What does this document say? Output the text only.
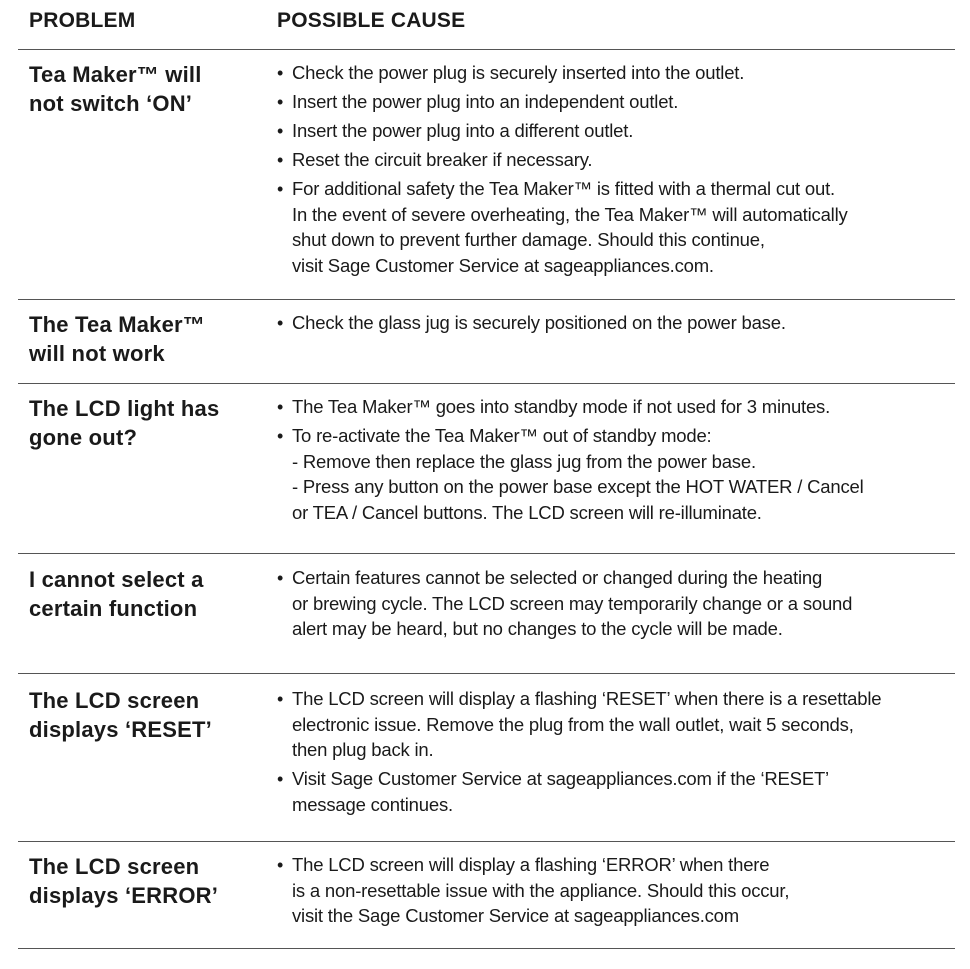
PROBLEM	POSSIBLE CAUSE
Tea Maker™ will
not switch ‘ON’
• Check the power plug is securely inserted into the outlet.
• Insert the power plug into an independent outlet.
• Insert the power plug into a different outlet.
• Reset the circuit breaker if necessary.
• For additional safety the Tea Maker™ is fitted with a thermal cut out.
In the event of severe overheating, the Tea Maker™ will automatically
shut down to prevent further damage. Should this continue,
visit Sage Customer Service at sageappliances.com.
The Tea Maker™
will not work
• Check the glass jug is securely positioned on the power base.
The LCD light has
gone out?
• The Tea Maker™ goes into standby mode if not used for 3 minutes.
• To re-activate the Tea Maker™ out of standby mode:
- Remove then replace the glass jug from the power base.
- Press any button on the power base except the HOT WATER / Cancel
or TEA / Cancel buttons. The LCD screen will re-illuminate.
I cannot select a
certain function
• Certain features cannot be selected or changed during the heating
or brewing cycle. The LCD screen may temporarily change or a sound
alert may be heard, but no changes to the cycle will be made.
The LCD screen
displays ‘RESET’
• The LCD screen will display a flashing ‘RESET’ when there is a resettable
electronic issue. Remove the plug from the wall outlet, wait 5 seconds,
then plug back in.
• Visit Sage Customer Service at sageappliances.com if the ‘RESET’
message continues.
The LCD screen
displays ‘ERROR’
• The LCD screen will display a flashing ‘ERROR’ when there
is a non-resettable issue with the appliance. Should this occur,
visit the Sage Customer Service at sageappliances.com
